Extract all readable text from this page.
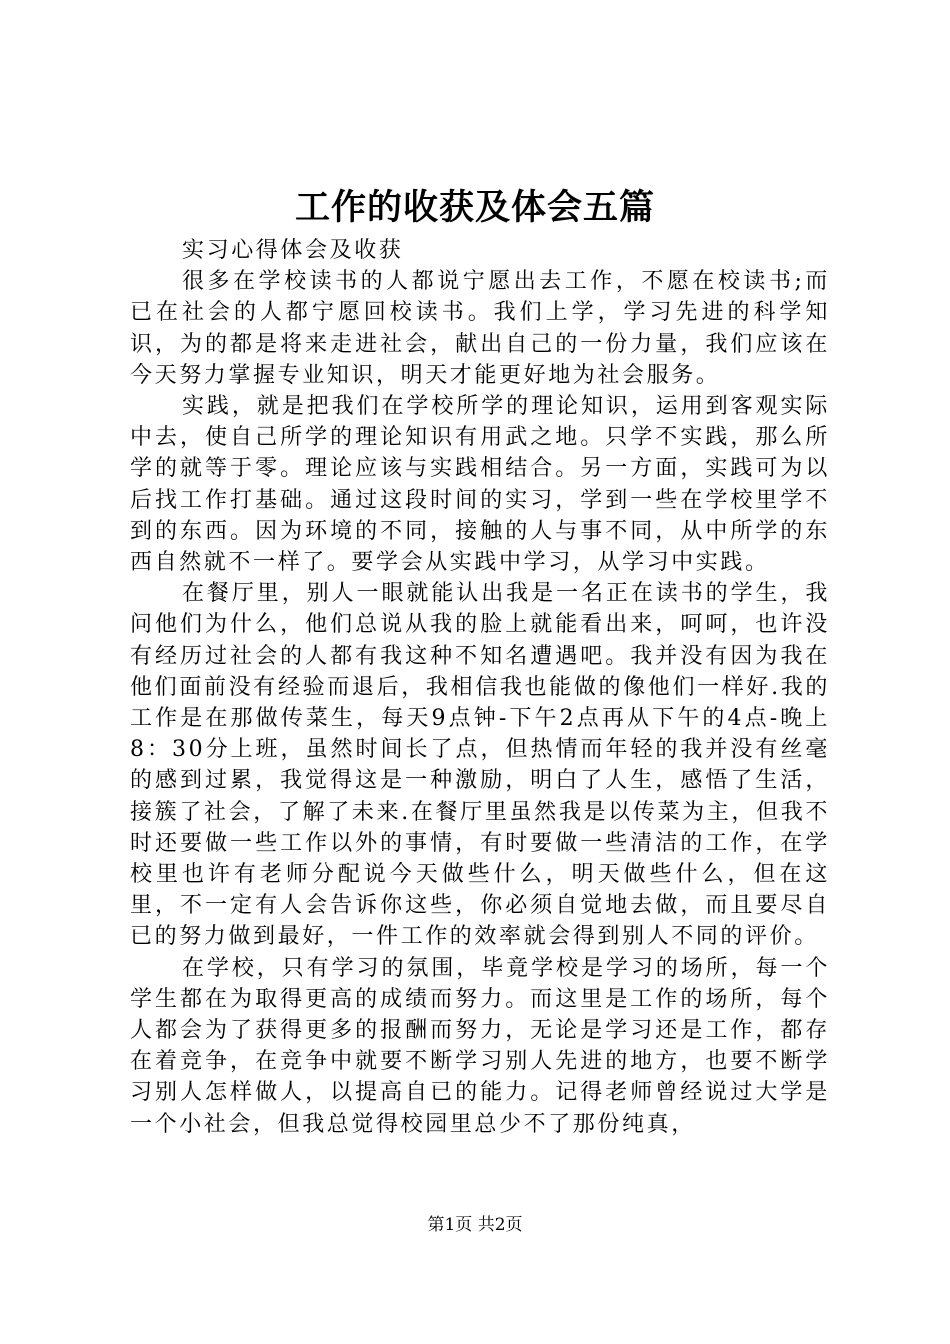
工作的收获及体会五篇

实习心得体会及收获

很多在学校读书的人都说宁愿出去工作，不愿在校读书;而已在社会的人都宁愿回校读书。我们上学，学习先进的科学知识，为的都是将来走进社会，献出自己的一份力量，我们应该在今天努力掌握专业知识，明天才能更好地为社会服务。

实践，就是把我们在学校所学的理论知识，运用到客观实际中去，使自己所学的理论知识有用武之地。只学不实践，那么所学的就等于零。理论应该与实践相结合。另一方面，实践可为以后找工作打基础。通过这段时间的实习，学到一些在学校里学不到的东西。因为环境的不同，接触的人与事不同，从中所学的东西自然就不一样了。要学会从实践中学习，从学习中实践。

在餐厅里，别人一眼就能认出我是一名正在读书的学生，我问他们为什么，他们总说从我的脸上就能看出来，呵呵，也许没有经历过社会的人都有我这种不知名遭遇吧。我并没有因为我在他们面前没有经验而退后，我相信我也能做的像他们一样好.我的工作是在那做传菜生，每天9点钟-下午2点再从下午的4点-晚上8：30分上班，虽然时间长了点，但热情而年轻的我并没有丝毫的感到过累，我觉得这是一种激励，明白了人生，感悟了生活，接簇了社会，了解了未来.在餐厅里虽然我是以传菜为主，但我不时还要做一些工作以外的事情，有时要做一些清洁的工作，在学校里也许有老师分配说今天做些什么，明天做些什么，但在这里，不一定有人会告诉你这些，你必须自觉地去做，而且要尽自已的努力做到最好，一件工作的效率就会得到别人不同的评价。

在学校，只有学习的氛围，毕竟学校是学习的场所，每一个学生都在为取得更高的成绩而努力。而这里是工作的场所，每个人都会为了获得更多的报酬而努力，无论是学习还是工作，都存在着竞争，在竞争中就要不断学习别人先进的地方，也要不断学习别人怎样做人，以提高自已的能力。记得老师曾经说过大学是一个小社会，但我总觉得校园里总少不了那份纯真，

第1页 共2页
